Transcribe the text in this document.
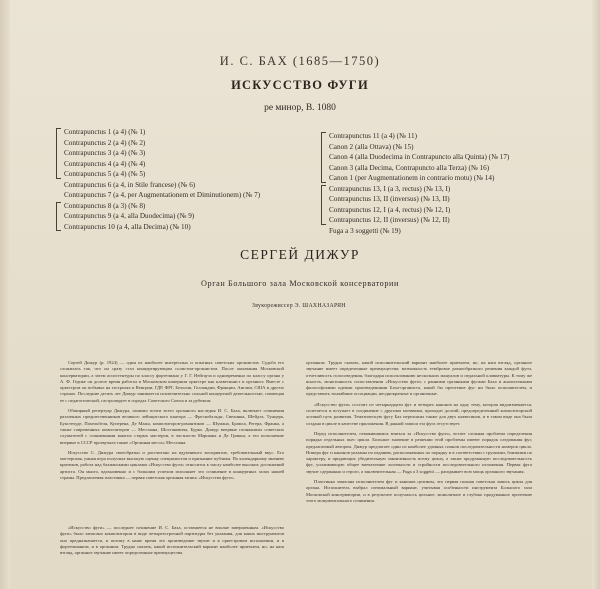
И. С. БАХ (1685—1750)
ИСКУССТВО ФУГИ
ре минор, В. 1080
Contrapunctus 1 (a 4) (№ 1)
Contrapunctus 2 (a 4) (№ 2)
Contrapunctus 3 (a 4) (№ 3)
Contrapunctus 4 (a 4) (№ 4)
Contrapunctus 5 (a 4) (№ 5)
Contrapunctus 6 (a 4, in Stile francese) (№ 6)
Contrapunctus 7 (a 4, per Augmentationem et Diminutionem) (№ 7)
Contrapunctus 8 (a 3) (№ 8)
Contrapunctus 9 (a 4, alla Duodecima) (№ 9)
Contrapunctus 10 (a 4, alla Decima) (№ 10)
Contrapunctus 11 (a 4) (№ 11)
Canon 2 (alla Ottava) (№ 15)
Canon 4 (alla Duodecima in Contrapuncto alla Quinta) (№ 17)
Canon 3 (alla Decima, Contrapuncto alla Terza) (№ 16)
Canon 1 (per Augmentationem in contrario motu) (№ 14)
Contrapunctus 13, I (a 3, rectus) (№ 13, I)
Contrapunctus 13, II (inversus) (№ 13, II)
Contrapunctus 12, I (a 4, rectus) (№ 12, I)
Contrapunctus 12, II (inversus) (№ 12, II)
Fuga a 3 soggetti (№ 19)
СЕРГЕЙ ДИЖУР
Орган Большого зала Московской консерватории
Звукорежиссер Э. ШАХНАЗАРЯН

Сергей Дижур (р. 1924) — один из наиболее интересных и опытных советских органистов. Судьба его сложилась так, что он сразу стал концертирующим солистом-органистом. После окончания Московской консерватории, а затем ассистентуры по классу фортепиано у Г. Г. Нейгауза и одновременно по классу органа у А. Ф. Гедике он долгое время работал в Московском камерном оркестре как клавесинист и органист. Вместе с оркестром он побывал на гастролях в Венгрии, ГДР, ФРГ, Бельгии, Голландии, Франции, Англии, США и других странах. Последние десять лет Дижур занимается исключительно сольной концертной деятельностью, совмещая ее с педагогической, гастролирует в городах Советского Союза и за рубежом.

Обширный репертуар Дижура, помимо почти всего органного наследия И. С. Баха, включает сочинения различных предшественников великого лейпцигского кантора — Фрескобальди, Свелинка, Шейдта, Тунцера, Букстехуде, Пахельбеля, Куперена, Де Мажа, композиторов-романтиков — Шумана, Брамса, Регера, Франка, а также современных композиторов — Мессиана, Шостаковича, Бурко. Дижур впервые познакомил советских слушателей с сочинениями многих старых мастеров, в частности Маршана и Де Гриньи, а его исполнение впервые в СССР прозвучала также «Органная месса» Мессиана.

Искусство С. Дижура своеобразно и рассчитано на вдумчивого восприятие, требовательный вкус. Его мастерская, умная игра получила высокую оценку специалистов и признание публики. По календарному мнению критиков, работа над бахианскими циклами «Искусство фуги» относится к числу наиболее высоких достижений артиста. Он много, вдохновенно и с большим успехом исполняет это сочинение в концертных залах нашей страны. Предлагаемая пластинка — первая советская органная запись «Искусства фуги».

«Искусство фуги» — последнее сочинение И. С. Баха, оставшееся не вполне завершенным. «Искусство фуги» было записано композитором в виде четырехстрочной партитуры без указания, для каких инструментов оно предназначается, и потому в наше время это произведение звучит и в оркестровом исполнении, и в фортепианном, и в органном. Трудно сказать, какой исполнительский вариант наиболее приемлем, но, на наш взгляд, органное звучание имеет определенные преимущества.

органном. Трудно сказать, какой исполнительский вариант наиболее приемлем, но, на наш взгляд, органное звучание имеет определенные преимущества: возможность тембровое разнообразного решения каждой фуги, отчетливость голосоведения, благодаря использованию нескольких мануалов и педальной клавиатуры. К тому же ясность, монотонность сопоставлении «Искусство фуги» с ранними органными фугами Баха и аналогичными философскими идеями произведениями Баха-органиста, какой бы прочтение фуг ни было исполнителем, и представить тончайшие ассоциации, неоднократные и органичные.

«Искусство фуги» состоит из четырнадцати фуг и четырех канонов на одну тему, которая видоизменяется, сплетается и вступает в соединение с другими мотивами, проходит долгий, предопределенный композиторской логикой путь развития. Тематическую фугу Бах переложил также для двух клавесинов, и в таком виде она была создана в цикле в качестве приложения. В данной записи эта фуга отсутствует.

Перед исполнителем, отважившимся взяться за «Искусство фуги», встает сложная проблема определения порядка отдельных пьес цикла. Большое значение в решении этой проблемы имеют порядок следования фуг, предлагаемый автором. Дижур предлагает один из наиболее удачных планов последовательности номеров цикла. Номера фуг и канонов указаны по изданию, расположенных по порядку и в соответствии с группами, близкими по характеру, и придающих убедительную законченность всему циклу, а также продуманную последовательность фуг, усиливающую общее впечатление логичности и стройности последовательного изложения. Первая фуга звучит сдержанно и строго, а заключительная — Fuga a 3 soggetti — раскрывает всю мощь органного звучания.

Пластинка записана исполнителем фуг и канонов целиком, это первая полная советская запись цикла для органа. Исполнитель выбрал оптимальный вариант, учитывая особенности инструмента Большого зала Московской консерватории, и в результате получилось цельное, монолитное и глубоко продуманное прочтение этого монументального сочинения.
